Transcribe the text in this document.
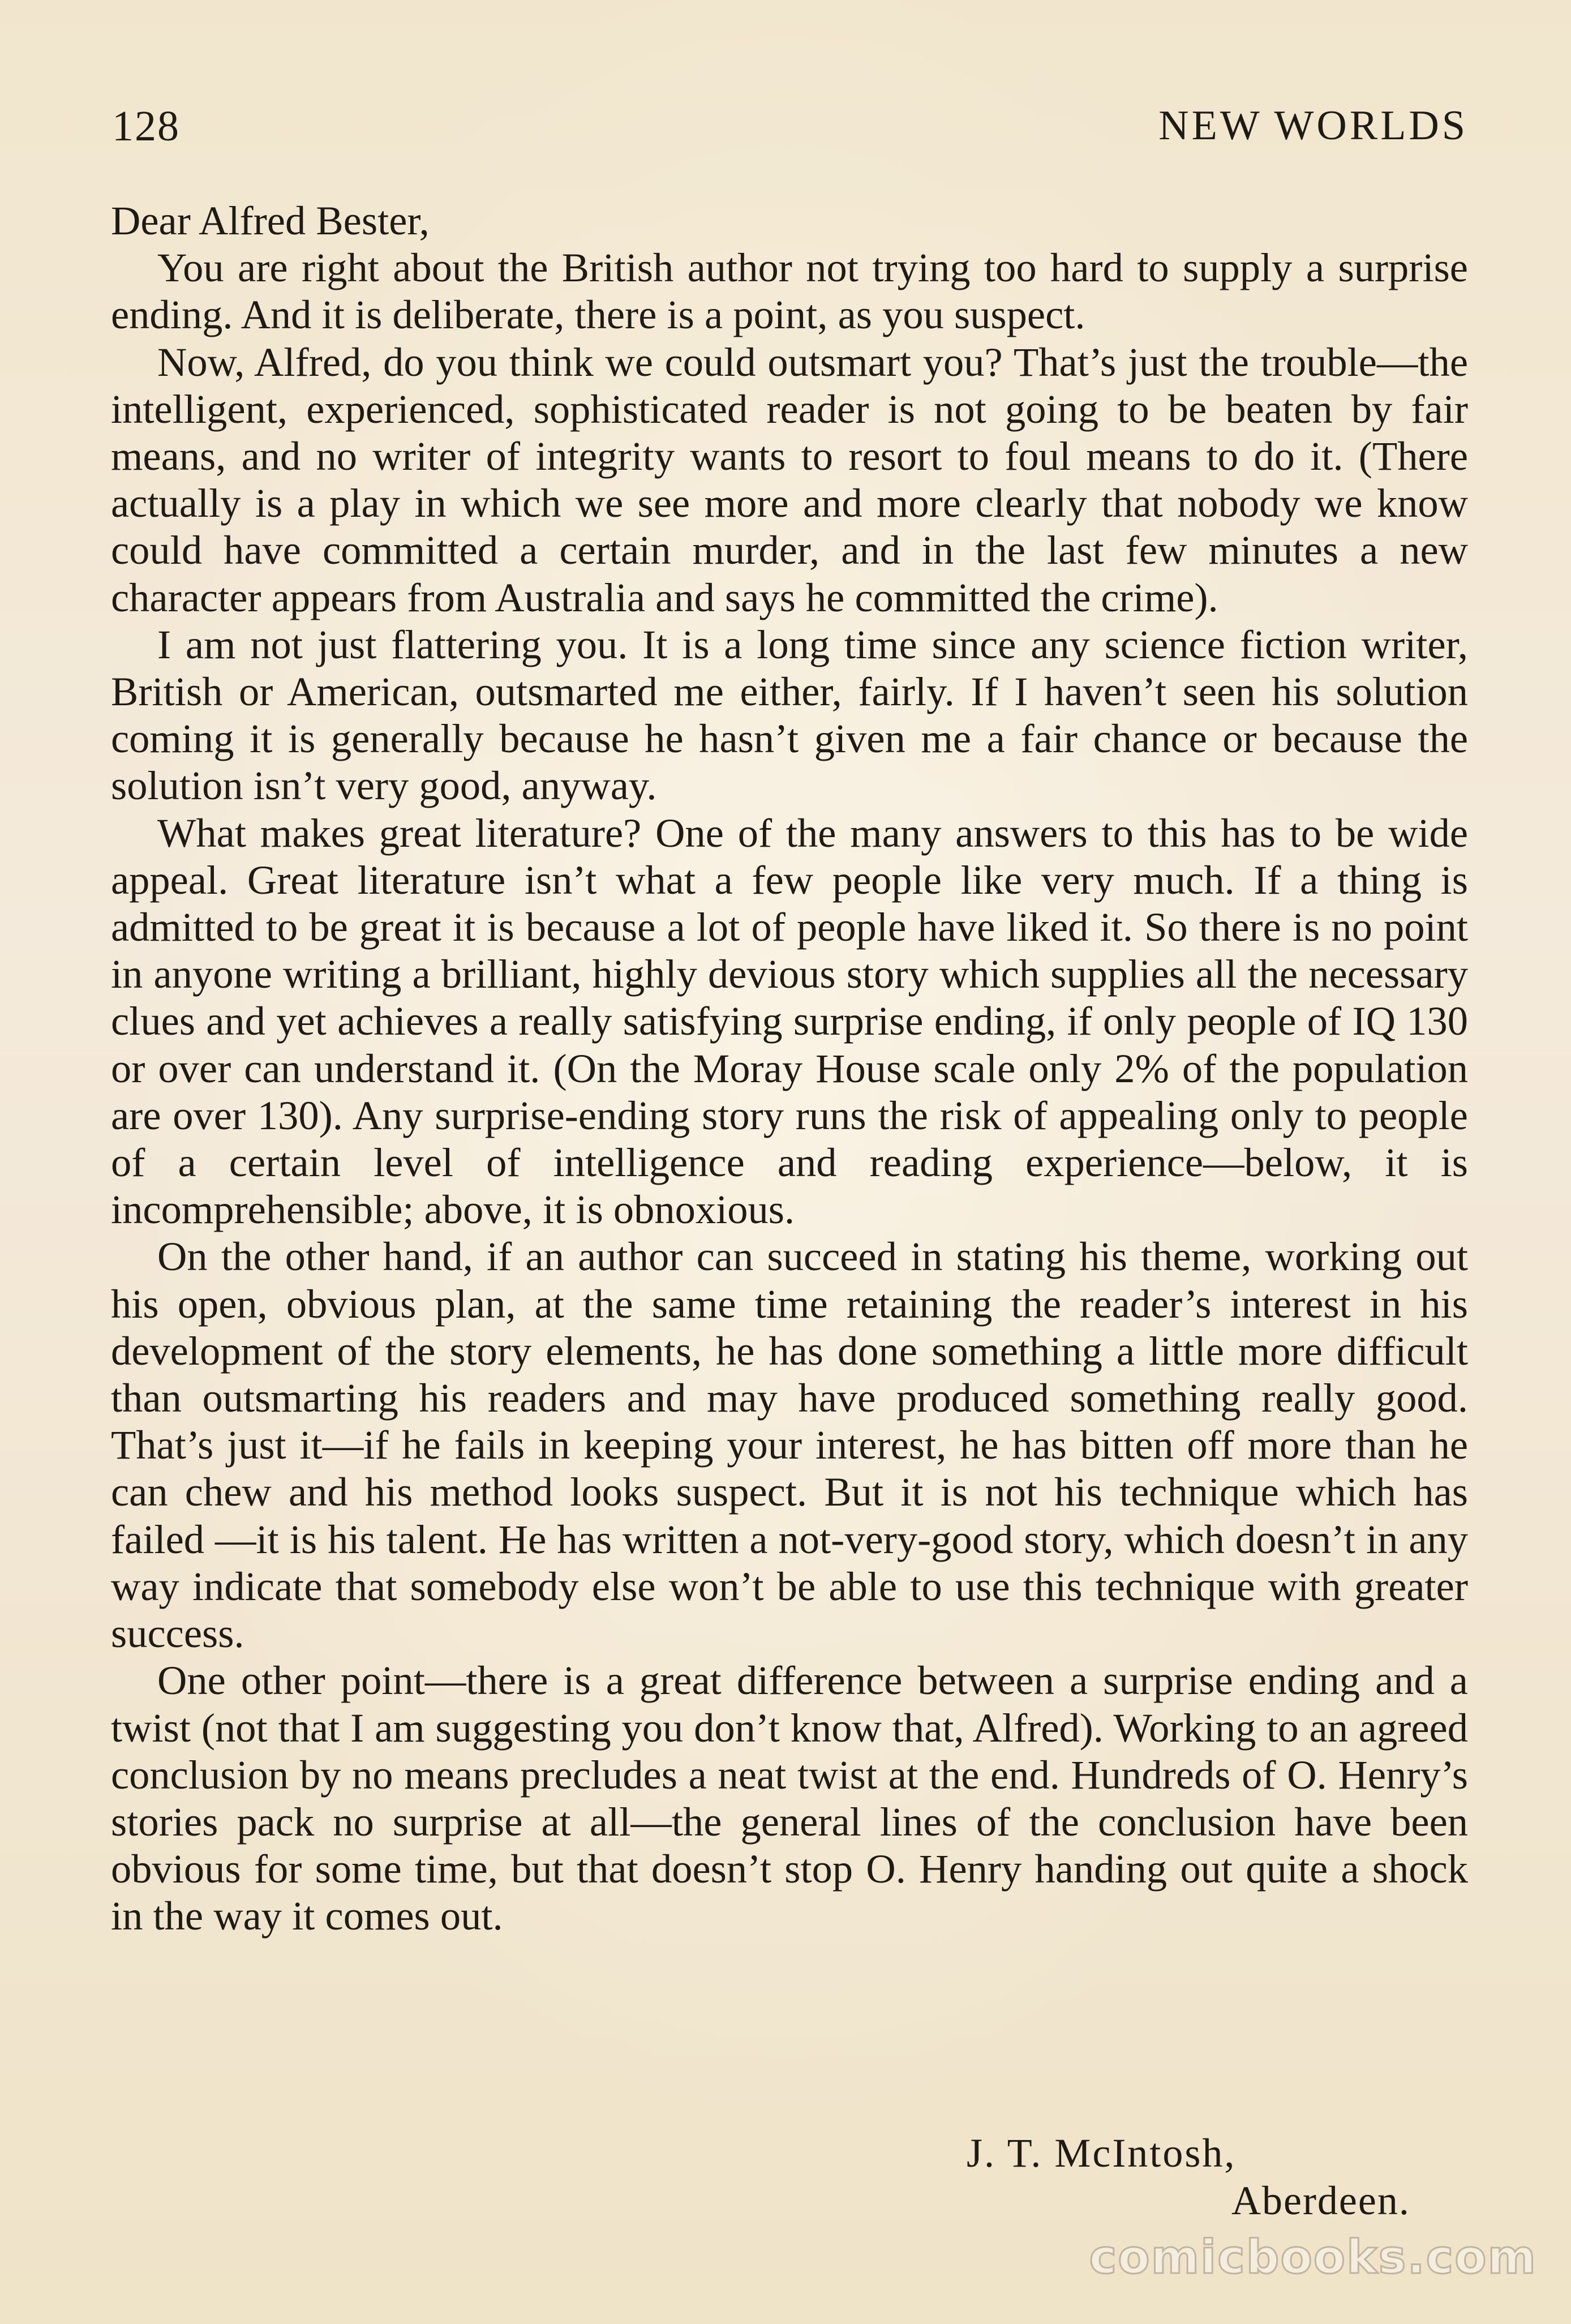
128	NEW WORLDS

Dear Alfred Bester,

You are right about the British author not trying too hard to supply a surprise ending. And it is deliberate, there is a point, as you suspect.

Now, Alfred, do you think we could outsmart you? That’s just the trouble—the intelligent, experienced, sophisticated reader is not going to be beaten by fair means, and no writer of integrity wants to resort to foul means to do it. (There actually is a play in which we see more and more clearly that nobody we know could have committed a certain murder, and in the last few minutes a new character appears from Australia and says he committed the crime).

I am not just flattering you. It is a long time since any science fiction writer, British or American, outsmarted me either, fairly. If I haven’t seen his solution coming it is generally because he hasn’t given me a fair chance or because the solution isn’t very good, anyway.

What makes great literature? One of the many answers to this has to be wide appeal. Great literature isn’t what a few people like very much. If a thing is admitted to be great it is because a lot of people have liked it. So there is no point in anyone writing a brilliant, highly devious story which supplies all the necessary clues and yet achieves a really satisfying surprise ending, if only people of IQ 130 or over can understand it. (On the Moray House scale only 2% of the population are over 130). Any surprise-ending story runs the risk of appealing only to people of a certain level of intelligence and reading experience—below, it is incomprehensible; above, it is obnoxious.

On the other hand, if an author can succeed in stating his theme, working out his open, obvious plan, at the same time retaining the reader’s interest in his development of the story elements, he has done something a little more difficult than outsmarting his readers and may have produced something really good. That’s just it—if he fails in keeping your interest, he has bitten off more than he can chew and his method looks suspect. But it is not his technique which has failed —it is his talent. He has written a not-very-good story, which doesn’t in any way indicate that somebody else won’t be able to use this technique with greater success.

One other point—there is a great difference between a surprise ending and a twist (not that I am suggesting you don’t know that, Alfred). Working to an agreed conclusion by no means precludes a neat twist at the end. Hundreds of O. Henry’s stories pack no surprise at all—the general lines of the conclusion have been obvious for some time, but that doesn’t stop O. Henry handing out quite a shock in the way it comes out.

J. T. McIntosh,
Aberdeen.
comicbooks.com
